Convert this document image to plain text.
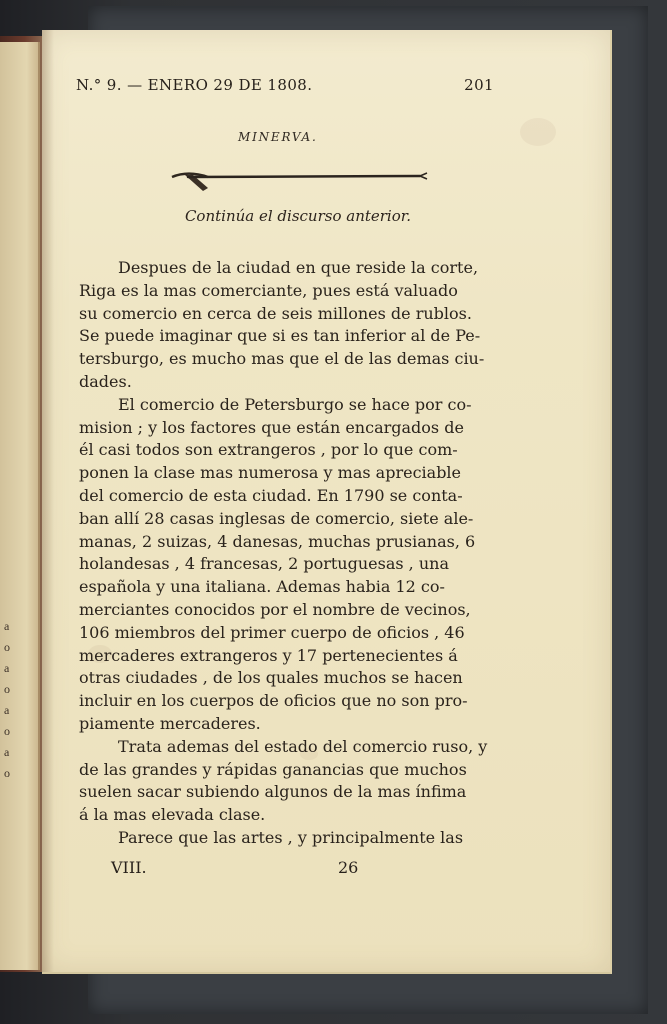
a
o
a
o
a
o
a
o
N.° 9. — ENERO 29 DE 1808.	201
MINERVA.
Continúa el discurso anterior.
Despues de la ciudad en que reside la corte,
Riga es la mas comerciante, pues está valuado
su comercio en cerca de seis millones de rublos.
Se puede imaginar que si es tan inferior al de Pe-
tersburgo, es mucho mas que el de las demas ciu-
dades.
El comercio de Petersburgo se hace por co-
mision ; y los factores que están encargados de
él casi todos son extrangeros , por lo que com-
ponen la clase mas numerosa y mas apreciable
del comercio de esta ciudad. En 1790 se conta-
ban allí 28 casas inglesas de comercio, siete ale-
manas, 2 suizas, 4 danesas, muchas prusianas, 6
holandesas , 4 francesas, 2 portuguesas , una
española y una italiana. Ademas habia 12 co-
merciantes conocidos por el nombre de vecinos,
106 miembros del primer cuerpo de oficios , 46
mercaderes extrangeros y 17 pertenecientes á
otras ciudades , de los quales muchos se hacen
incluir en los cuerpos de oficios que no son pro-
piamente mercaderes.
Trata ademas del estado del comercio ruso, y
de las grandes y rápidas ganancias que muchos
suelen sacar subiendo algunos de la mas ínfima
á la mas elevada clase.
Parece que las artes , y principalmente las
VIII.	26
